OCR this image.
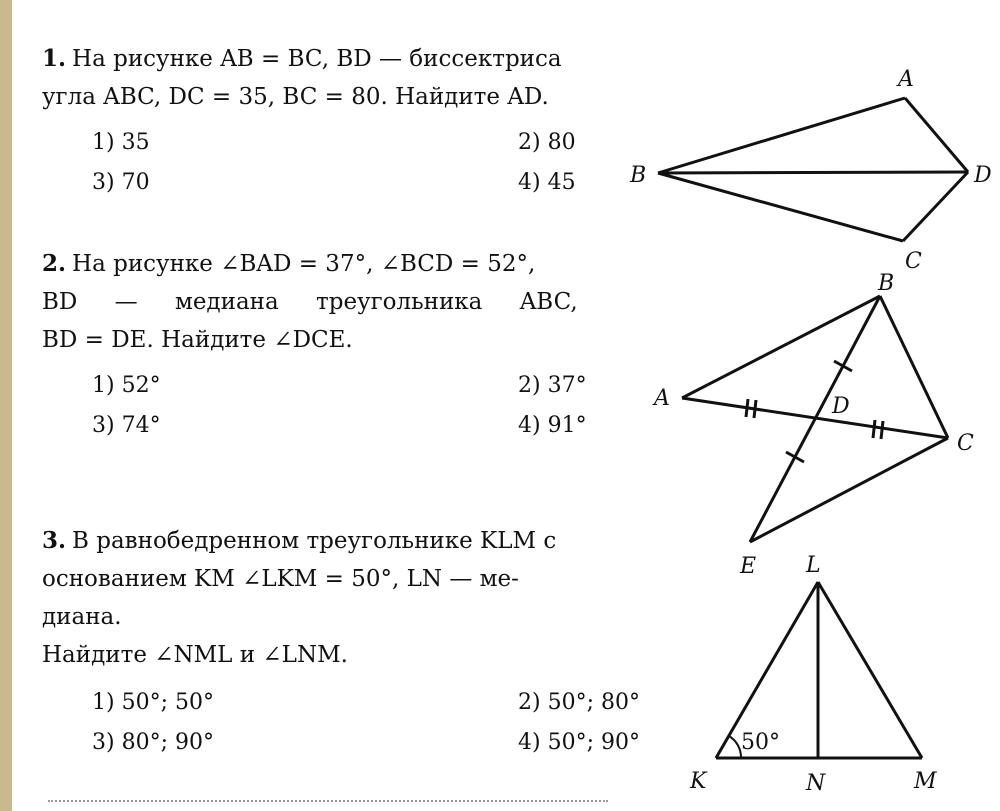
1. На рисунке AB = BC, BD — биссектриса
угла ABC, DC = 35, BC = 80. Найдите AD.
1) 35	2) 80
3) 70	4) 45
2. На рисунке ∠BAD = 37°, ∠BCD = 52°,
BD — медиана треугольника ABC,
BD = DE. Найдите ∠DCE.
1) 52°	2) 37°
3) 74°	4) 91°
3. В равнобедренном треугольнике KLM с
основанием KM ∠LKM = 50°, LN — ме-
диана.
Найдите ∠NML и ∠LNM.
1) 50°; 50°	2) 50°; 80°
3) 80°; 90°	4) 50°; 90°
A
B
C
D
A
B
C
D
E L
K	N	M
50°
